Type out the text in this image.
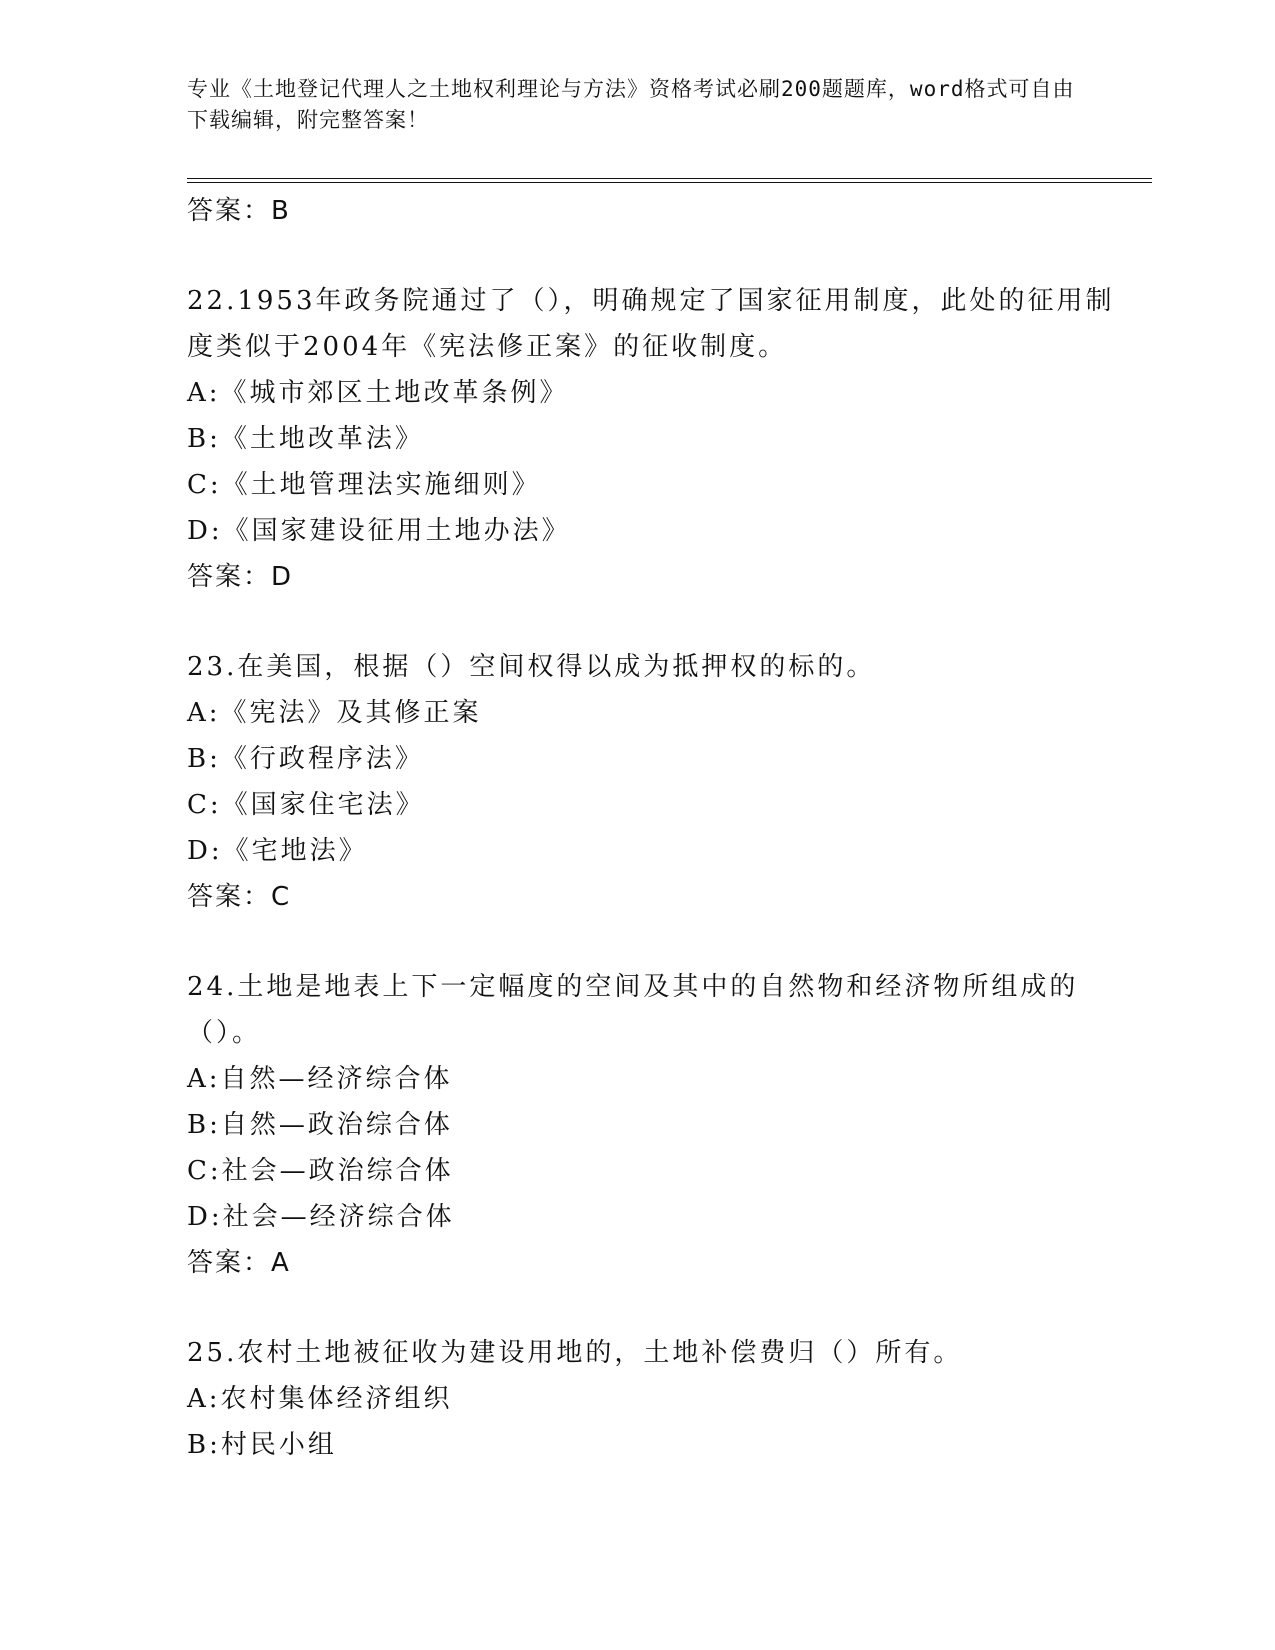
专业《土地登记代理人之土地权利理论与方法》资格考试必刷200题题库，word格式可自由下载编辑，附完整答案！

答案：B

22.1953年政务院通过了（），明确规定了国家征用制度，此处的征用制度类似于2004年《宪法修正案》的征收制度。

A:《城市郊区土地改革条例》

B:《土地改革法》

C:《土地管理法实施细则》

D:《国家建设征用土地办法》

答案：D

23.在美国，根据（）空间权得以成为抵押权的标的。

A:《宪法》及其修正案

B:《行政程序法》

C:《国家住宅法》

D:《宅地法》

答案：C

24.土地是地表上下一定幅度的空间及其中的自然物和经济物所组成的（）。

A:自然—经济综合体

B:自然—政治综合体

C:社会—政治综合体

D:社会—经济综合体

答案：A

25.农村土地被征收为建设用地的，土地补偿费归（）所有。

A:农村集体经济组织

B:村民小组
